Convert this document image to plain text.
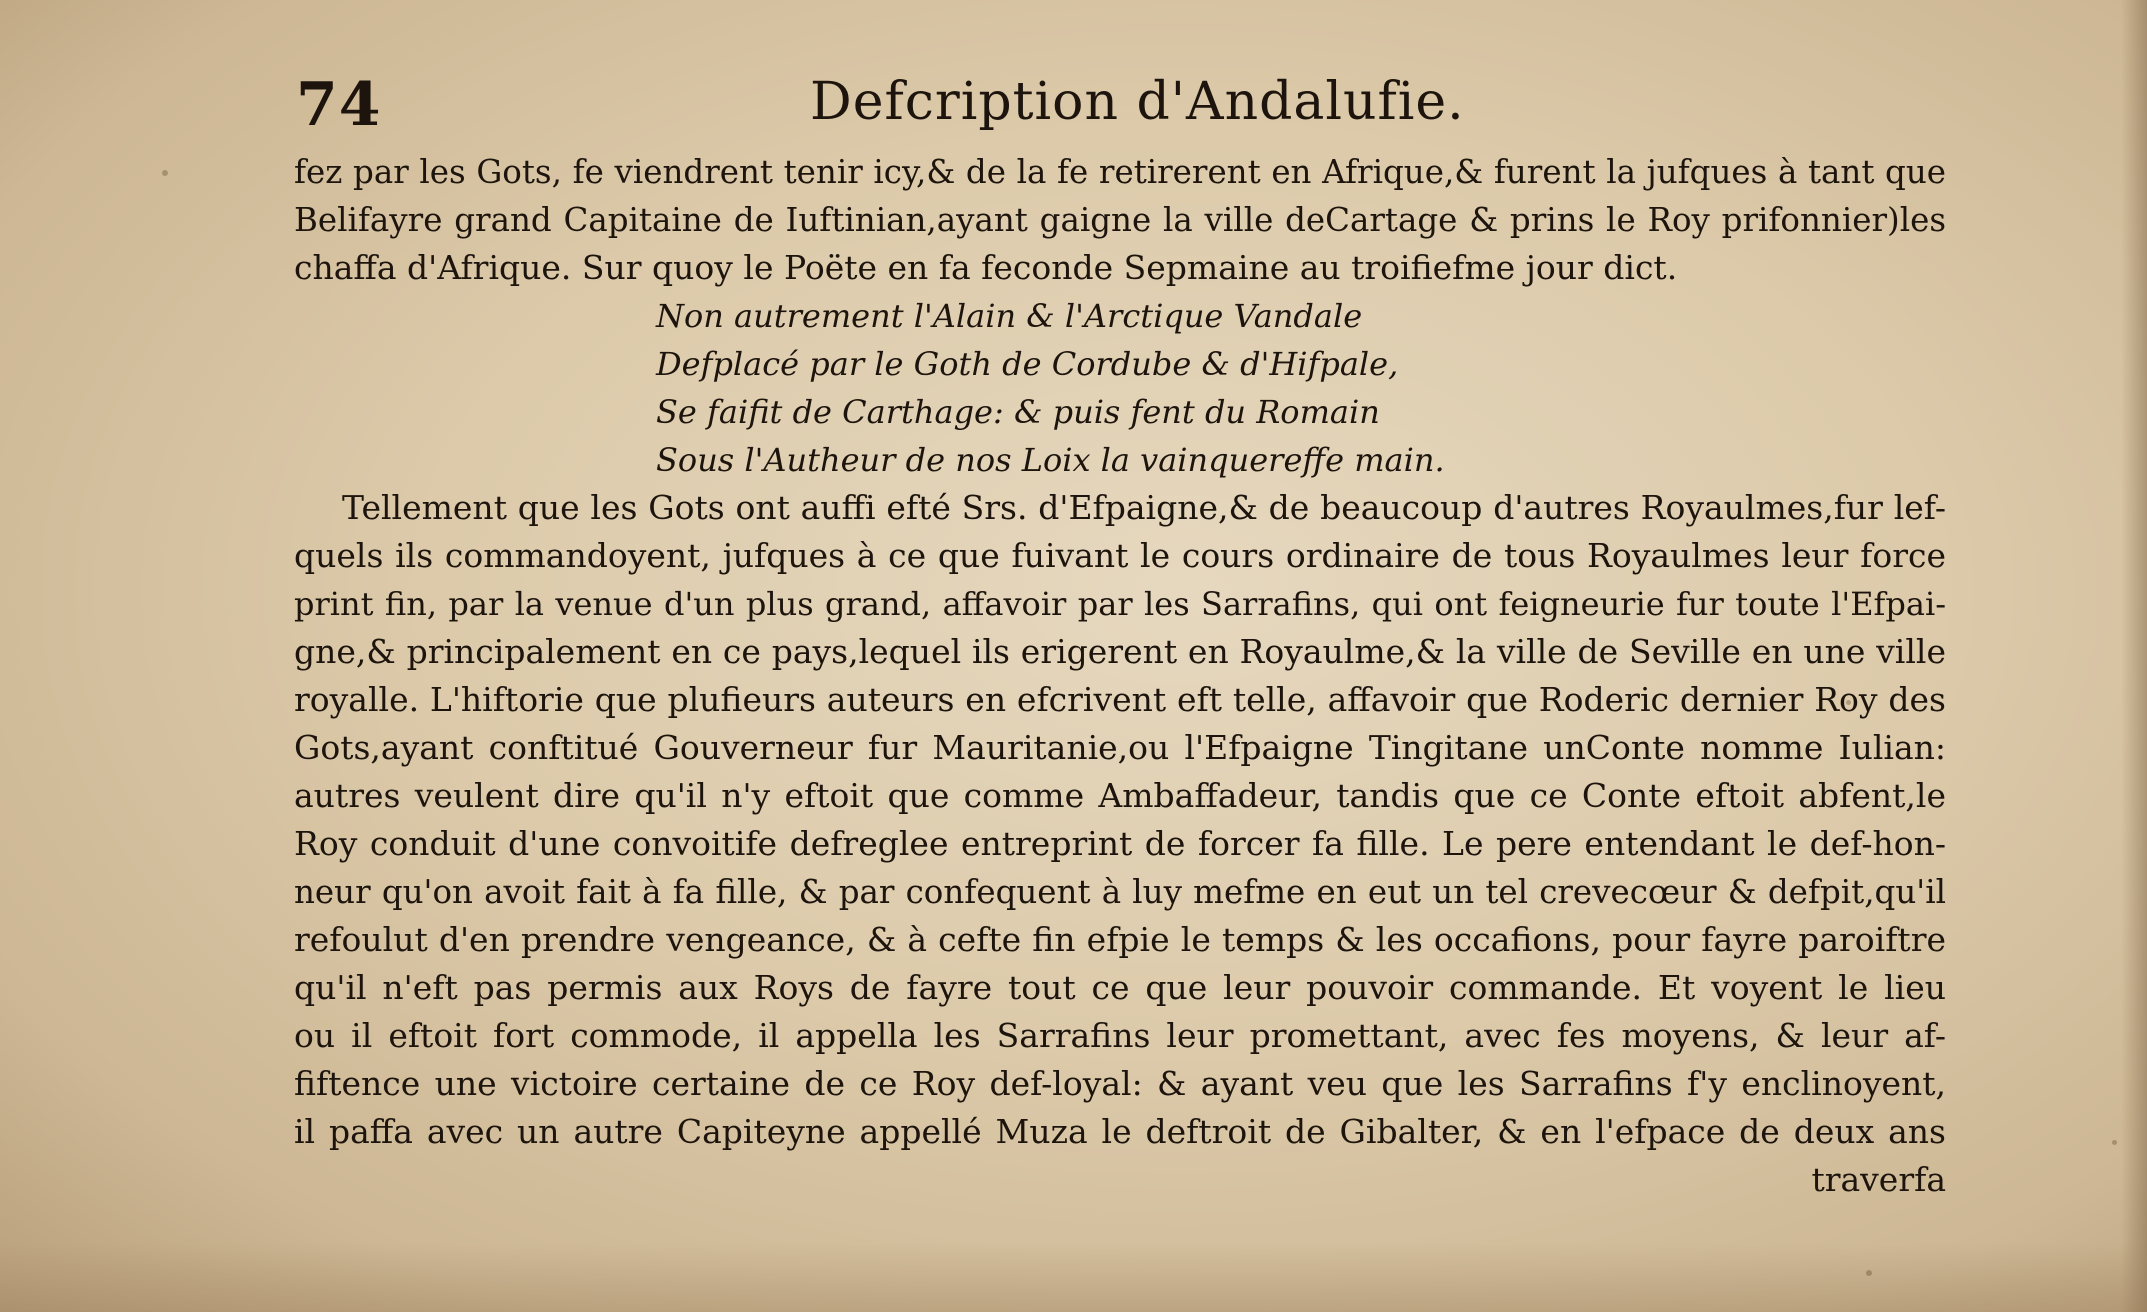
74	Defcription d'Andalufie.
fez par les Gots, fe viendrent tenir icy,& de la fe retirerent en Afrique,& furent la jufques à tant que
Belifayre grand Capitaine de Iuftinian,ayant gaigne la ville deCartage & prins le Roy prifonnier)les
chaffa d'Afrique. Sur quoy le Poëte en fa feconde Sepmaine au troifiefme jour dict.
Non autrement l'Alain & l'Arctique Vandale
Defplacé par le Goth de Cordube & d'Hifpale,
Se faifit de Carthage: & puis fent du Romain
Sous l'Autheur de nos Loix la vainquereffe main.
Tellement que les Gots ont auffi efté Srs. d'Efpaigne,& de beaucoup d'autres Royaulmes,fur lef-
quels ils commandoyent, jufques à ce que fuivant le cours ordinaire de tous Royaulmes leur force
print fin, par la venue d'un plus grand, affavoir par les Sarrafins, qui ont feigneurie fur toute l'Efpai-
gne,& principalement en ce pays,lequel ils erigerent en Royaulme,& la ville de Seville en une ville
royalle. L'hiftorie que plufieurs auteurs en efcrivent eft telle, affavoir que Roderic dernier Roy des
Gots,ayant conftitué Gouverneur fur Mauritanie,ou l'Efpaigne Tingitane unConte nomme Iulian:
autres veulent dire qu'il n'y eftoit que comme Ambaffadeur, tandis que ce Conte eftoit abfent,le
Roy conduit d'une convoitife defreglee entreprint de forcer fa fille. Le pere entendant le def-hon-
neur qu'on avoit fait à fa fille, & par confequent à luy mefme en eut un tel crevecœur & defpit,qu'il
refoulut d'en prendre vengeance, & à cefte fin efpie le temps & les occafions, pour fayre paroiftre
qu'il n'eft pas permis aux Roys de fayre tout ce que leur pouvoir commande. Et voyent le lieu
ou il eftoit fort commode, il appella les Sarrafins leur promettant, avec fes moyens, & leur af-
fiftence une victoire certaine de ce Roy def-loyal: & ayant veu que les Sarrafins f'y enclinoyent,
il paffa avec un autre Capiteyne appellé Muza le deftroit de Gibalter, & en l'efpace de deux ans
traverfa
